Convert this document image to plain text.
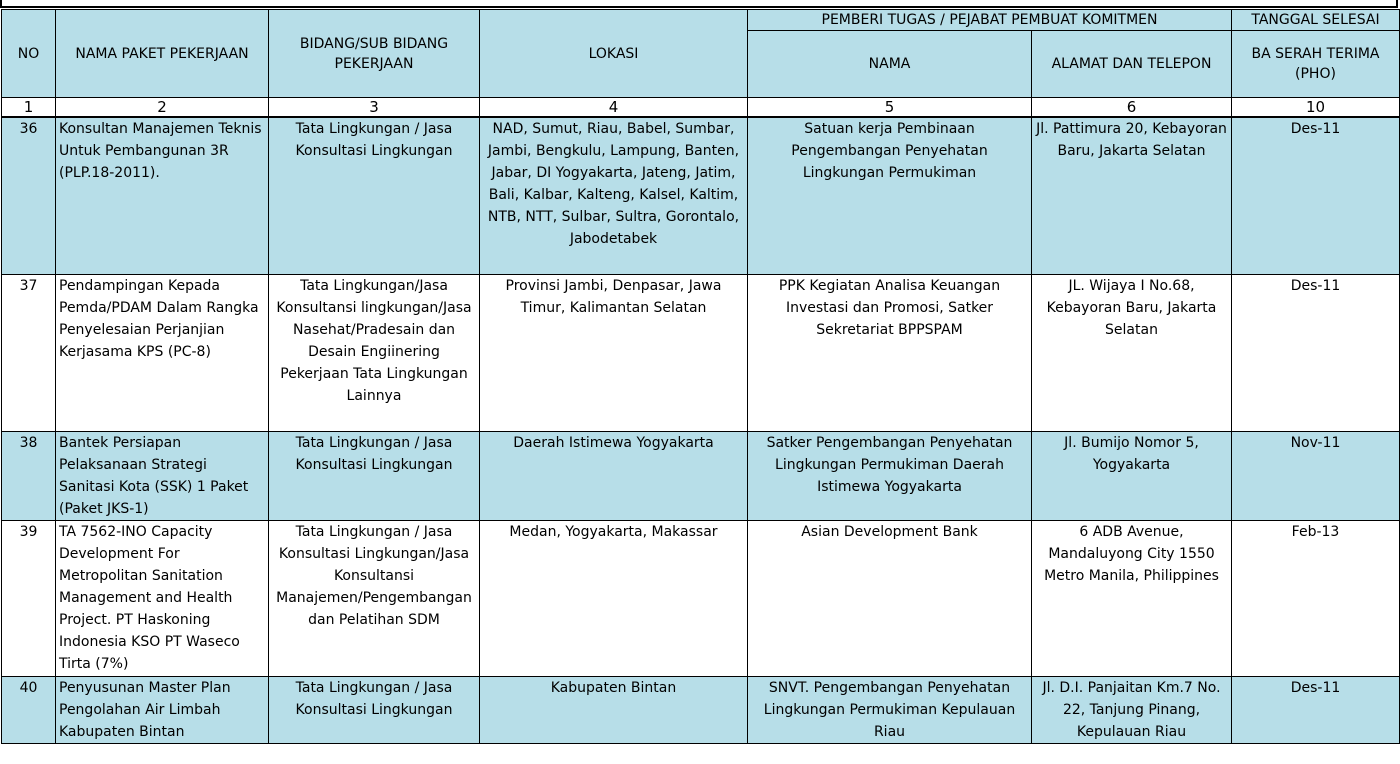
NO	NAMA PAKET PEKERJAAN	BIDANG/SUB BIDANG PEKERJAAN	LOKASI	PEMBERI TUGAS / PEJABAT PEMBUAT KOMITMEN		TANGGAL SELESAI
				NAMA	ALAMAT DAN TELEPON	BA SERAH TERIMA (PHO)
1	2	3	4	5	6	10
36	Konsultan Manajemen Teknis Untuk Pembangunan 3R (PLP.18-2011).	Tata Lingkungan / Jasa Konsultasi Lingkungan	NAD, Sumut, Riau, Babel, Sumbar, Jambi, Bengkulu, Lampung, Banten, Jabar, DI Yogyakarta, Jateng, Jatim, Bali, Kalbar, Kalteng, Kalsel, Kaltim, NTB, NTT, Sulbar, Sultra, Gorontalo, Jabodetabek	Satuan kerja Pembinaan Pengembangan Penyehatan Lingkungan Permukiman	Jl. Pattimura 20, Kebayoran Baru, Jakarta Selatan	Des-11
37	Pendampingan Kepada Pemda/PDAM Dalam Rangka Penyelesaian Perjanjian Kerjasama KPS (PC-8)	Tata Lingkungan/Jasa Konsultansi lingkungan/Jasa Nasehat/Pradesain dan Desain Engiinering Pekerjaan Tata Lingkungan Lainnya	Provinsi Jambi, Denpasar, Jawa Timur, Kalimantan Selatan	PPK Kegiatan Analisa Keuangan Investasi dan Promosi, Satker Sekretariat BPPSPAM	JL. Wijaya I No.68, Kebayoran Baru, Jakarta Selatan	Des-11
38	Bantek Persiapan Pelaksanaan Strategi Sanitasi Kota (SSK) 1 Paket (Paket JKS-1)	Tata Lingkungan / Jasa Konsultasi Lingkungan	Daerah Istimewa Yogyakarta	Satker Pengembangan Penyehatan Lingkungan Permukiman Daerah Istimewa Yogyakarta	Jl. Bumijo Nomor 5, Yogyakarta	Nov-11
39	TA 7562-INO Capacity Development For Metropolitan Sanitation Management and Health Project. PT Haskoning Indonesia KSO PT Waseco Tirta (7%)	Tata Lingkungan / Jasa Konsultasi Lingkungan/Jasa Konsultansi Manajemen/Pengembangan dan Pelatihan SDM	Medan, Yogyakarta, Makassar	Asian Development Bank	6 ADB Avenue, Mandaluyong City 1550 Metro Manila, Philippines	Feb-13
40	Penyusunan Master Plan Pengolahan Air Limbah Kabupaten Bintan	Tata Lingkungan / Jasa Konsultasi Lingkungan	Kabupaten Bintan	SNVT. Pengembangan Penyehatan Lingkungan Permukiman Kepulauan Riau	Jl. D.I. Panjaitan Km.7 No. 22, Tanjung Pinang, Kepulauan Riau	Des-11
